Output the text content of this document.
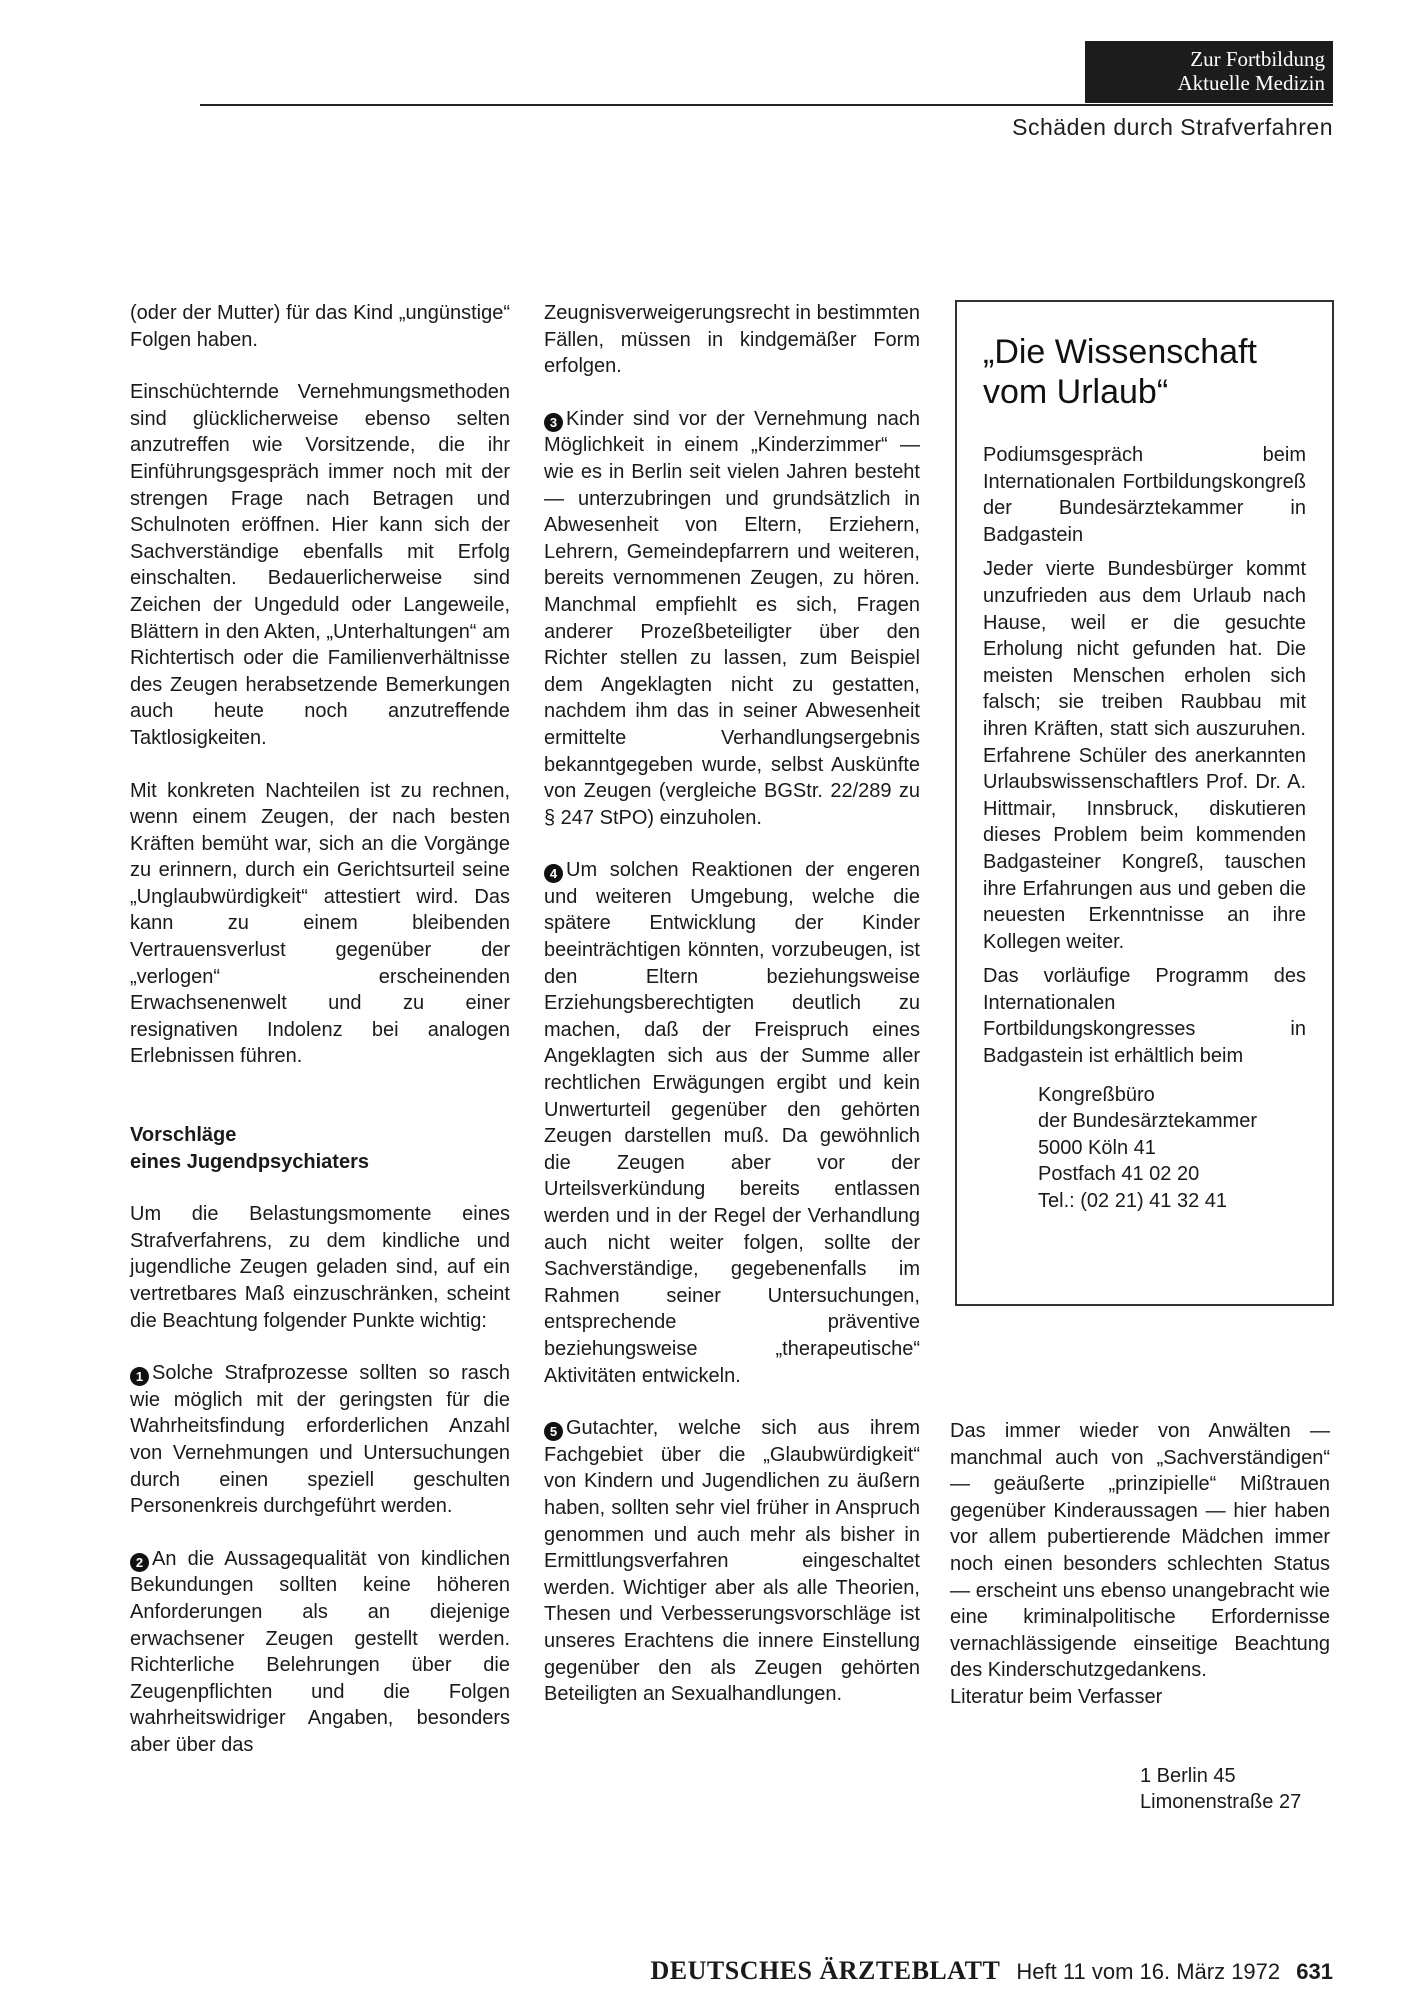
Zur Fortbildung
Aktuelle Medizin
Schäden durch Strafverfahren

(oder der Mutter) für das Kind „ungünstige“ Folgen haben.

Einschüchternde Vernehmungsmethoden sind glücklicherweise ebenso selten anzutreffen wie Vorsitzende, die ihr Einführungsgespräch immer noch mit der strengen Frage nach Betragen und Schulnoten eröffnen. Hier kann sich der Sachverständige ebenfalls mit Erfolg einschalten. Bedauerlicherweise sind Zeichen der Ungeduld oder Langeweile, Blättern in den Akten, „Unterhaltungen“ am Richtertisch oder die Familienverhältnisse des Zeugen herabsetzende Bemerkungen auch heute noch anzutreffende Taktlosigkeiten.

Mit konkreten Nachteilen ist zu rechnen, wenn einem Zeugen, der nach besten Kräften bemüht war, sich an die Vorgänge zu erinnern, durch ein Gerichtsurteil seine „Unglaubwürdigkeit“ attestiert wird. Das kann zu einem bleibenden Vertrauensverlust gegenüber der „verlogen“ erscheinenden Erwachsenenwelt und zu einer resignativen Indolenz bei analogen Erlebnissen führen.

Vorschläge
eines Jugendpsychiaters

Um die Belastungsmomente eines Strafverfahrens, zu dem kindliche und jugendliche Zeugen geladen sind, auf ein vertretbares Maß einzuschränken, scheint die Beachtung folgender Punkte wichtig:

1 Solche Strafprozesse sollten so rasch wie möglich mit der geringsten für die Wahrheitsfindung erforderlichen Anzahl von Vernehmungen und Untersuchungen durch einen speziell geschulten Personenkreis durchgeführt werden.

2 An die Aussagequalität von kindlichen Bekundungen sollten keine höheren Anforderungen als an diejenige erwachsener Zeugen gestellt werden. Richterliche Belehrungen über die Zeugenpflichten und die Folgen wahrheitswidriger Angaben, besonders aber über das

Zeugnisverweigerungsrecht in bestimmten Fällen, müssen in kindgemäßer Form erfolgen.

3 Kinder sind vor der Vernehmung nach Möglichkeit in einem „Kinderzimmer“ — wie es in Berlin seit vielen Jahren besteht — unterzubringen und grundsätzlich in Abwesenheit von Eltern, Erziehern, Lehrern, Gemeindepfarrern und weiteren, bereits vernommenen Zeugen, zu hören. Manchmal empfiehlt es sich, Fragen anderer Prozeßbeteiligter über den Richter stellen zu lassen, zum Beispiel dem Angeklagten nicht zu gestatten, nachdem ihm das in seiner Abwesenheit ermittelte Verhandlungsergebnis bekanntgegeben wurde, selbst Auskünfte von Zeugen (vergleiche BGStr. 22/289 zu § 247 StPO) einzuholen.

4 Um solchen Reaktionen der engeren und weiteren Umgebung, welche die spätere Entwicklung der Kinder beeinträchtigen könnten, vorzubeugen, ist den Eltern beziehungsweise Erziehungsberechtigten deutlich zu machen, daß der Freispruch eines Angeklagten sich aus der Summe aller rechtlichen Erwägungen ergibt und kein Unwerturteil gegenüber den gehörten Zeugen darstellen muß. Da gewöhnlich die Zeugen aber vor der Urteilsverkündung bereits entlassen werden und in der Regel der Verhandlung auch nicht weiter folgen, sollte der Sachverständige, gegebenenfalls im Rahmen seiner Untersuchungen, entsprechende präventive beziehungsweise „therapeutische“ Aktivitäten entwickeln.

5 Gutachter, welche sich aus ihrem Fachgebiet über die „Glaubwürdigkeit“ von Kindern und Jugendlichen zu äußern haben, sollten sehr viel früher in Anspruch genommen und auch mehr als bisher in Ermittlungsverfahren eingeschaltet werden. Wichtiger aber als alle Theorien, Thesen und Verbesserungsvorschläge ist unseres Erachtens die innere Einstellung gegenüber den als Zeugen gehörten Beteiligten an Sexualhandlungen.

„Die Wissenschaft vom Urlaub“

Podiumsgespräch beim Internationalen Fortbildungskongreß der Bundesärztekammer in Badgastein

Jeder vierte Bundesbürger kommt unzufrieden aus dem Urlaub nach Hause, weil er die gesuchte Erholung nicht gefunden hat. Die meisten Menschen erholen sich falsch; sie treiben Raubbau mit ihren Kräften, statt sich auszuruhen. Erfahrene Schüler des anerkannten Urlaubswissenschaftlers Prof. Dr. A. Hittmair, Innsbruck, diskutieren dieses Problem beim kommenden Badgasteiner Kongreß, tauschen ihre Erfahrungen aus und geben die neuesten Erkenntnisse an ihre Kollegen weiter.

Das vorläufige Programm des Internationalen Fortbildungskongresses in Badgastein ist erhältlich beim

Kongreßbüro
der Bundesärztekammer
5000 Köln 41
Postfach 41 02 20
Tel.: (02 21) 41 32 41

Das immer wieder von Anwälten — manchmal auch von „Sachverständigen“ — geäußerte „prinzipielle“ Mißtrauen gegenüber Kinderaussagen — hier haben vor allem pubertierende Mädchen immer noch einen besonders schlechten Status — erscheint uns ebenso unangebracht wie eine kriminalpolitische Erfordernisse vernachlässigende einseitige Beachtung des Kinderschutzgedankens.

Literatur beim Verfasser

1 Berlin 45
Limonenstraße 27
DEUTSCHES ÄRZTEBLATT Heft 11 vom 16. März 1972 631
